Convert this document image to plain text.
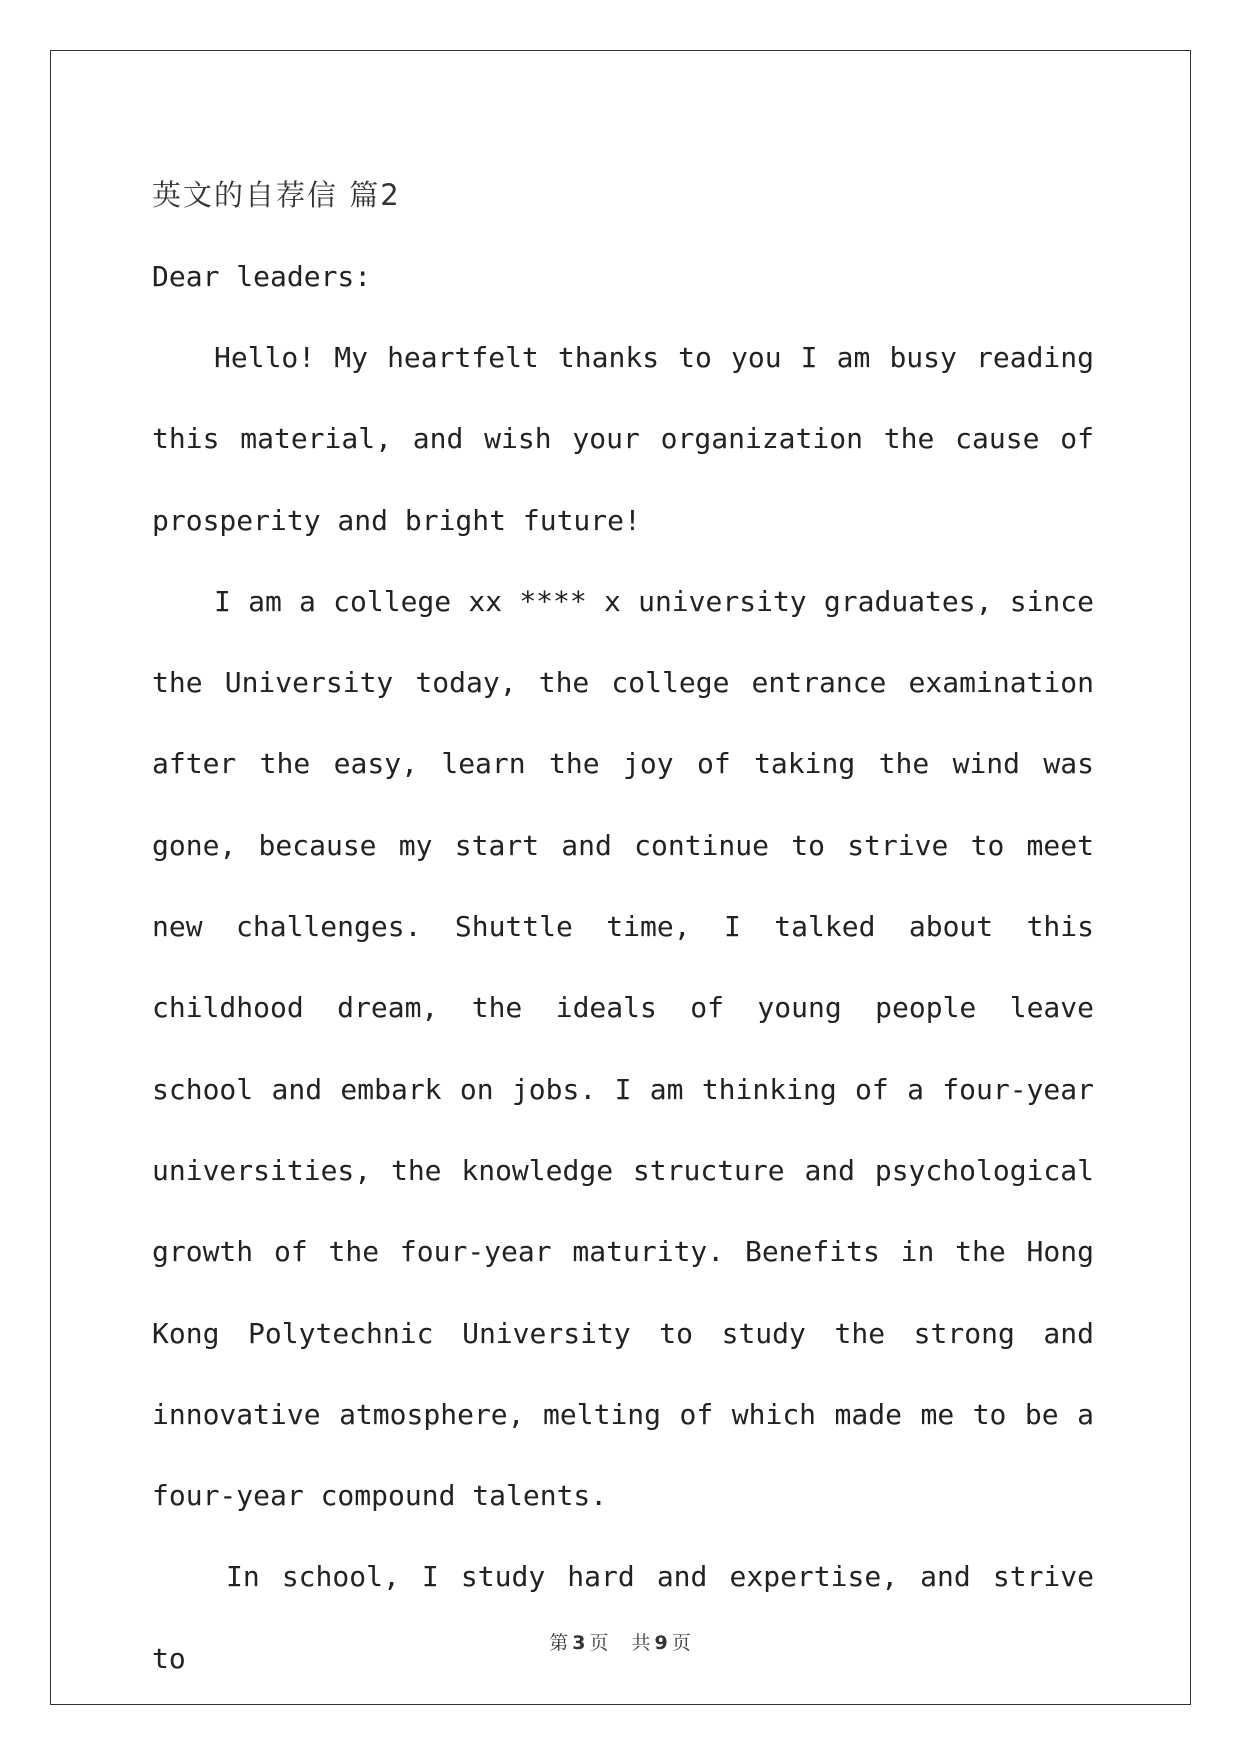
英文的自荐信 篇2

Dear leaders:

Hello! My heartfelt thanks to you I am busy reading this material, and wish your organization the cause of prosperity and bright future!

I am a college xx **** x university graduates, since the University today, the college entrance examination after the easy, learn the joy of taking the wind was gone, because my start and continue to strive to meet new challenges. Shuttle time, I talked about this childhood dream, the ideals of young people leave school and embark on jobs. I am thinking of a four-year universities, the knowledge structure and psychological growth of the four-year maturity. Benefits in the Hong Kong Polytechnic University to study the strong and innovative atmosphere, melting of which made me to be a four-year compound talents.

In school, I study hard and expertise, and strive to	第 3 页 共 9 页
